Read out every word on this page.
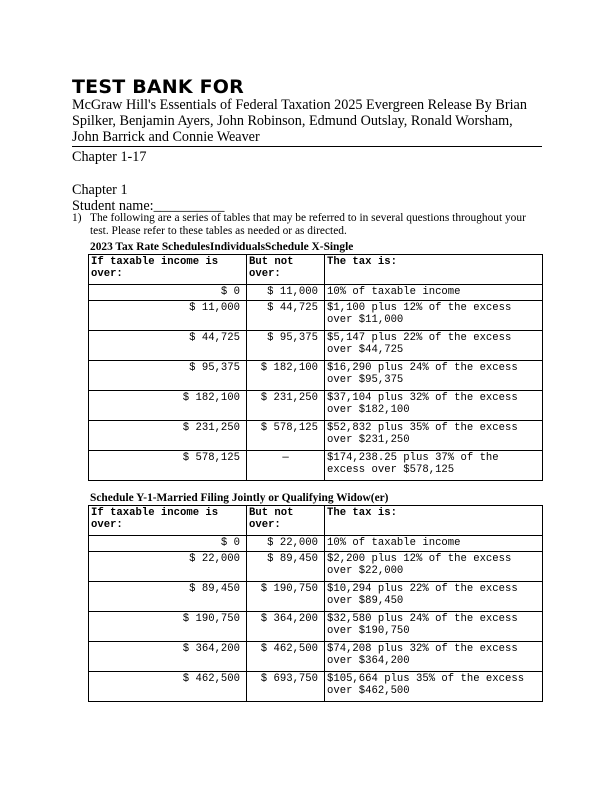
TEST BANK FOR
McGraw Hill's Essentials of Federal Taxation 2025 Evergreen Release By Brian Spilker, Benjamin Ayers, John Robinson, Edmund Outslay, Ronald Worsham, John Barrick and Connie Weaver
Chapter 1-17
Chapter 1
Student name:__________
1) The following are a series of tables that may be referred to in several questions throughout your test. Please refer to these tables as needed or as directed.
2023 Tax Rate SchedulesIndividualsSchedule X-Single
If taxable income is over:	But not over:	The tax is:
$ 0	$ 11,000	10% of taxable income
$ 11,000	$ 44,725	$1,100 plus 12% of the excess over $11,000
$ 44,725	$ 95,375	$5,147 plus 22% of the excess over $44,725
$ 95,375	$ 182,100	$16,290 plus 24% of the excess over $95,375
$ 182,100	$ 231,250	$37,104 plus 32% of the excess over $182,100
$ 231,250	$ 578,125	$52,832 plus 35% of the excess over $231,250
$ 578,125	—	$174,238.25 plus 37% of the excess over $578,125
Schedule Y-1-Married Filing Jointly or Qualifying Widow(er)
If taxable income is over:	But not over:	The tax is:
$ 0	$ 22,000	10% of taxable income
$ 22,000	$ 89,450	$2,200 plus 12% of the excess over $22,000
$ 89,450	$ 190,750	$10,294 plus 22% of the excess over $89,450
$ 190,750	$ 364,200	$32,580 plus 24% of the excess over $190,750
$ 364,200	$ 462,500	$74,208 plus 32% of the excess over $364,200
$ 462,500	$ 693,750	$105,664 plus 35% of the excess over $462,500
